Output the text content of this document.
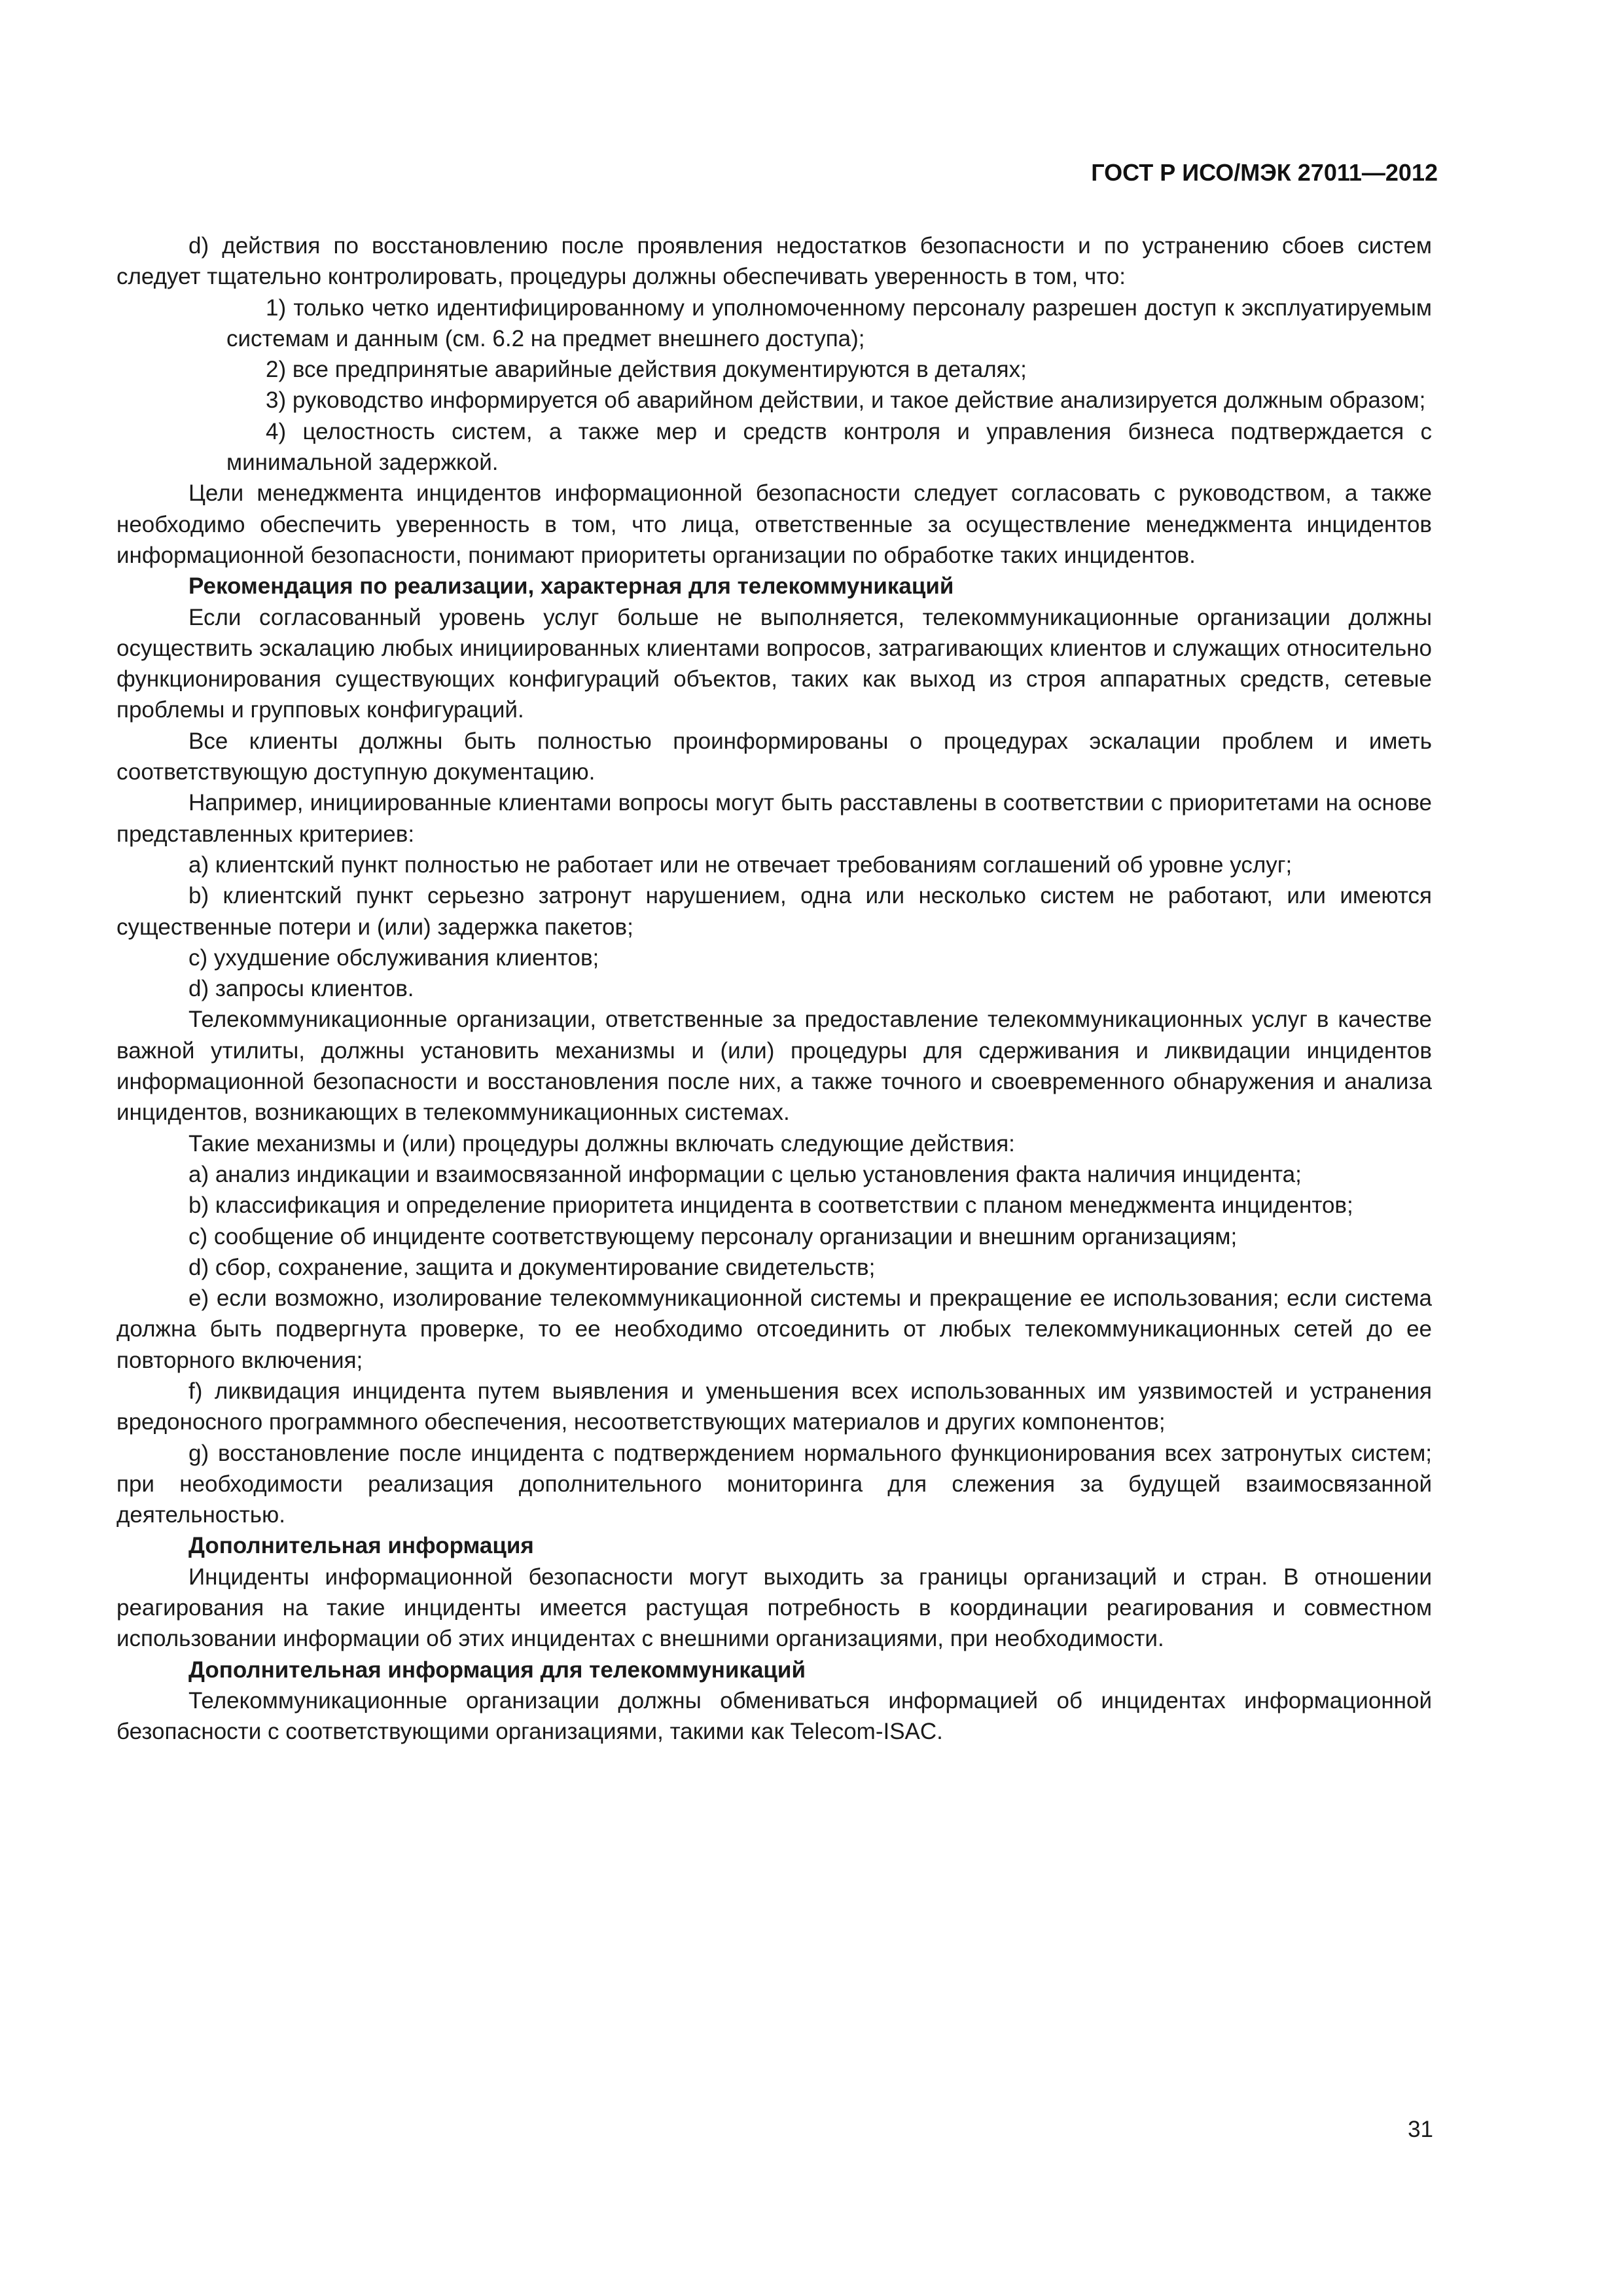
ГОСТ Р ИСО/МЭК 27011—2012

d) действия по восстановлению после проявления недостатков безопасности и по устранению сбоев систем следует тщательно контролировать, процедуры должны обеспечивать уверенность в том, что:

1) только четко идентифицированному и уполномоченному персоналу разрешен доступ к эксплуатируемым системам и данным (см. 6.2 на предмет внешнего доступа);

2) все предпринятые аварийные действия документируются в деталях;

3) руководство информируется об аварийном действии, и такое действие анализируется должным образом;

4) целостность систем, а также мер и средств контроля и управления бизнеса подтверждается с минимальной задержкой.

Цели менеджмента инцидентов информационной безопасности следует согласовать с руководством, а также необходимо обеспечить уверенность в том, что лица, ответственные за осуществление менеджмента инцидентов информационной безопасности, понимают приоритеты организации по обработке таких инцидентов.

Рекомендация по реализации, характерная для телекоммуникаций

Если согласованный уровень услуг больше не выполняется, телекоммуникационные организации должны осуществить эскалацию любых инициированных клиентами вопросов, затрагивающих клиентов и служащих относительно функционирования существующих конфигураций объектов, таких как выход из строя аппаратных средств, сетевые проблемы и групповых конфигураций.

Все клиенты должны быть полностью проинформированы о процедурах эскалации проблем и иметь соответствующую доступную документацию.

Например, инициированные клиентами вопросы могут быть расставлены в соответствии с приоритетами на основе представленных критериев:

a) клиентский пункт полностью не работает или не отвечает требованиям соглашений об уровне услуг;

b) клиентский пункт серьезно затронут нарушением, одна или несколько систем не работают, или имеются существенные потери и (или) задержка пакетов;

c) ухудшение обслуживания клиентов;

d) запросы клиентов.

Телекоммуникационные организации, ответственные за предоставление телекоммуникационных услуг в качестве важной утилиты, должны установить механизмы и (или) процедуры для сдерживания и ликвидации инцидентов информационной безопасности и восстановления после них, а также точного и своевременного обнаружения и анализа инцидентов, возникающих в телекоммуникационных системах.

Такие механизмы и (или) процедуры должны включать следующие действия:

a) анализ индикации и взаимосвязанной информации с целью установления факта наличия инцидента;

b) классификация и определение приоритета инцидента в соответствии с планом менеджмента инцидентов;

c) сообщение об инциденте соответствующему персоналу организации и внешним организациям;

d) сбор, сохранение, защита и документирование свидетельств;

e) если возможно, изолирование телекоммуникационной системы и прекращение ее использования; если система должна быть подвергнута проверке, то ее необходимо отсоединить от любых телекоммуникационных сетей до ее повторного включения;

f) ликвидация инцидента путем выявления и уменьшения всех использованных им уязвимостей и устранения вредоносного программного обеспечения, несоответствующих материалов и других компонентов;

g) восстановление после инцидента с подтверждением нормального функционирования всех затронутых систем; при необходимости реализация дополнительного мониторинга для слежения за будущей взаимосвязанной деятельностью.

Дополнительная информация

Инциденты информационной безопасности могут выходить за границы организаций и стран. В отношении реагирования на такие инциденты имеется растущая потребность в координации реагирования и совместном использовании информации об этих инцидентах с внешними организациями, при необходимости.

Дополнительная информация для телекоммуникаций

Телекоммуникационные организации должны обмениваться информацией об инцидентах информационной безопасности с соответствующими организациями, такими как Telecom-ISAC.

31
